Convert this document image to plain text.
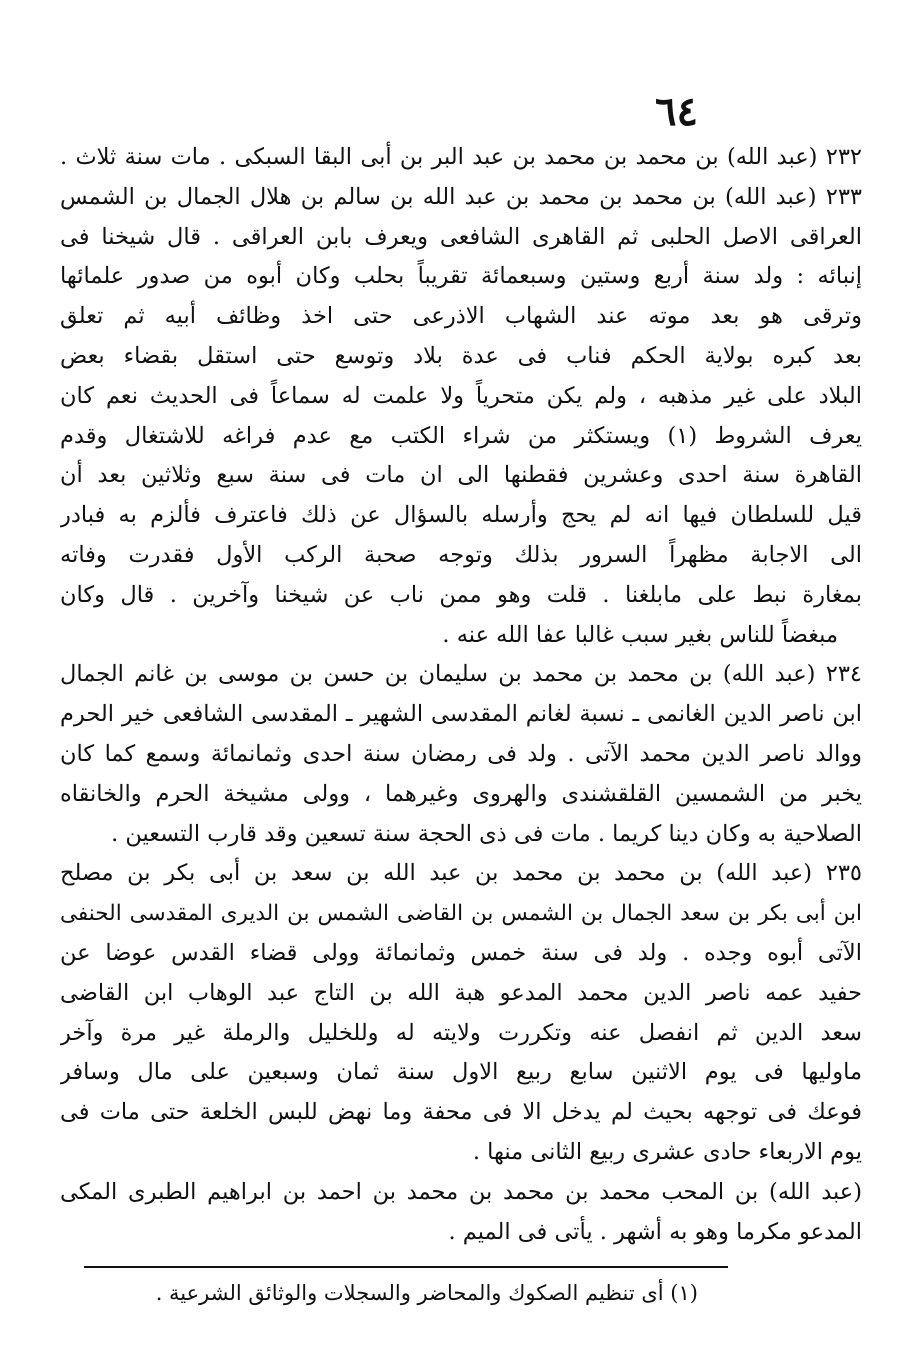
٦٤
٢٣٢ (عبد الله) بن محمد بن محمد بن عبد البر بن أبى البقا السبكى . مات سنة ثلاث .
٢٣٣ (عبد الله) بن محمد بن محمد بن عبد الله بن سالم بن هلال الجمال بن الشمس
العراقى الاصل الحلبى ثم القاهرى الشافعى ويعرف بابن العراقى . قال شيخنا فى
إنبائه : ولد سنة أربع وستين وسبعمائة تقريباً بحلب وكان أبوه من صدور علمائها
وترقى هو بعد موته عند الشهاب الاذرعى حتى اخذ وظائف أبيه ثم تعلق
بعد كبره بولاية الحكم فناب فى عدة بلاد وتوسع حتى استقل بقضاء بعض
البلاد على غير مذهبه ، ولم يكن متحرياً ولا علمت له سماعاً فى الحديث نعم كان
يعرف الشروط (١) ويستكثر من شراء الكتب مع عدم فراغه للاشتغال وقدم
القاهرة سنة احدى وعشرين فقطنها الى ان مات فى سنة سبع وثلاثين بعد أن
قيل للسلطان فيها انه لم يحج وأرسله بالسؤال عن ذلك فاعترف فألزم به فبادر
الى الاجابة مظهراً السرور بذلك وتوجه صحبة الركب الأول فقدرت وفاته
بمغارة نبط على مابلغنا . قلت وهو ممن ناب عن شيخنا وآخرين . قال وكان
مبغضاً للناس بغير سبب غالبا عفا الله عنه .
٢٣٤ (عبد الله) بن محمد بن محمد بن سليمان بن حسن بن موسى بن غانم الجمال
ابن ناصر الدين الغانمى ـ نسبة لغانم المقدسى الشهير ـ المقدسى الشافعى خير الحرم
ووالد ناصر الدين محمد الآتى . ولد فى رمضان سنة احدى وثمانمائة وسمع كما كان
يخبر من الشمسين القلقشندى والهروى وغيرهما ، وولى مشيخة الحرم والخانقاه
الصلاحية به وكان دينا كريما . مات فى ذى الحجة سنة تسعين وقد قارب التسعين .
٢٣٥ (عبد الله) بن محمد بن محمد بن عبد الله بن سعد بن أبى بكر بن مصلح
ابن أبى بكر بن سعد الجمال بن الشمس بن القاضى الشمس بن الديرى المقدسى الحنفى
الآتى أبوه وجده . ولد فى سنة خمس وثمانمائة وولى قضاء القدس عوضا عن
حفيد عمه ناصر الدين محمد المدعو هبة الله بن التاج عبد الوهاب ابن القاضى
سعد الدين ثم انفصل عنه وتكررت ولايته له وللخليل والرملة غير مرة وآخر
ماوليها فى يوم الاثنين سابع ربيع الاول سنة ثمان وسبعين على مال وسافر
فوعك فى توجهه بحيث لم يدخل الا فى محفة وما نهض للبس الخلعة حتى مات فى
يوم الاربعاء حادى عشرى ربيع الثانى منها .
(عبد الله) بن المحب محمد بن محمد بن محمد بن احمد بن ابراهيم الطبرى المكى
المدعو مكرما وهو به أشهر . يأتى فى الميم .
(١) أى تنظيم الصكوك والمحاضر والسجلات والوثائق الشرعية .
